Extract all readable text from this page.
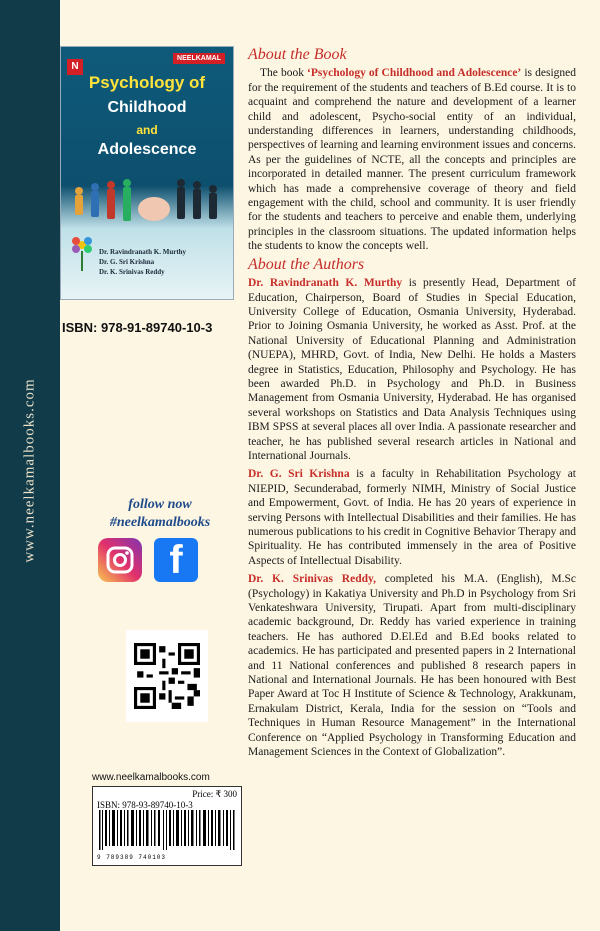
www.neelkamalbooks.com
N
NEELKAMAL
Psychology of
Childhood
and
Adolescence
Dr. Ravindranath K. Murthy
Dr. G. Sri Krishna
Dr. K. Srinivas Reddy
ISBN: 978-91-89740-10-3
follow now
#neelkamalbooks
f
www.neelkamalbooks.com
Price: ₹ 300
ISBN: 978-93-89740-10-3
9 789389 740103
About the Book

The book ‘Psychology of Childhood and Adolescence’ is designed for the requirement of the students and teachers of B.Ed course. It is to acquaint and comprehend the nature and development of a learner child and adolescent, Psycho-social entity of an individual, understanding differences in learners, understanding childhoods, perspectives of learning and learning environment issues and concerns. As per the guidelines of NCTE, all the concepts and principles are incorporated in detailed manner. The present curriculum framework which has made a comprehensive coverage of theory and field engagement with the child, school and community. It is user friendly for the students and teachers to perceive and enable them, underlying principles in the classroom situations. The updated information helps the students to know the concepts well.

About the Authors

Dr. Ravindranath K. Murthy is presently Head, Department of Education, Chairperson, Board of Studies in Special Education, University College of Education, Osmania University, Hyderabad. Prior to Joining Osmania University, he worked as Asst. Prof. at the National University of Educational Planning and Administration (NUEPA), MHRD, Govt. of India, New Delhi. He holds a Masters degree in Statistics, Education, Philosophy and Psychology. He has been awarded Ph.D. in Psychology and Ph.D. in Business Management from Osmania University, Hyderabad. He has organised several workshops on Statistics and Data Analysis Techniques using IBM SPSS at several places all over India. A passionate researcher and teacher, he has published several research articles in National and International Journals.

Dr. G. Sri Krishna is a faculty in Rehabilitation Psychology at NIEPID, Secunderabad, formerly NIMH, Ministry of Social Justice and Empowerment, Govt. of India. He has 20 years of experience in serving Persons with Intellectual Disabilities and their families. He has numerous publications to his credit in Cognitive Behavior Therapy and Spirituality. He has contributed immensely in the area of Positive Aspects of Intellectual Disability.

Dr. K. Srinivas Reddy, completed his M.A. (English), M.Sc (Psychology) in Kakatiya University and Ph.D in Psychology from Sri Venkateshwara University, Tirupati. Apart from multi-disciplinary academic background, Dr. Reddy has varied experience in training teachers. He has authored D.El.Ed and B.Ed books related to academics. He has participated and presented papers in 2 International and 11 National conferences and published 8 research papers in National and International Journals. He has been honoured with Best Paper Award at Toc H Institute of Science & Technology, Arakkunam, Ernakulam District, Kerala, India for the session on “Tools and Techniques in Human Resource Management” in the International Conference on “Applied Psychology in Transforming Education and Management Sciences in the Context of Globalization”.
